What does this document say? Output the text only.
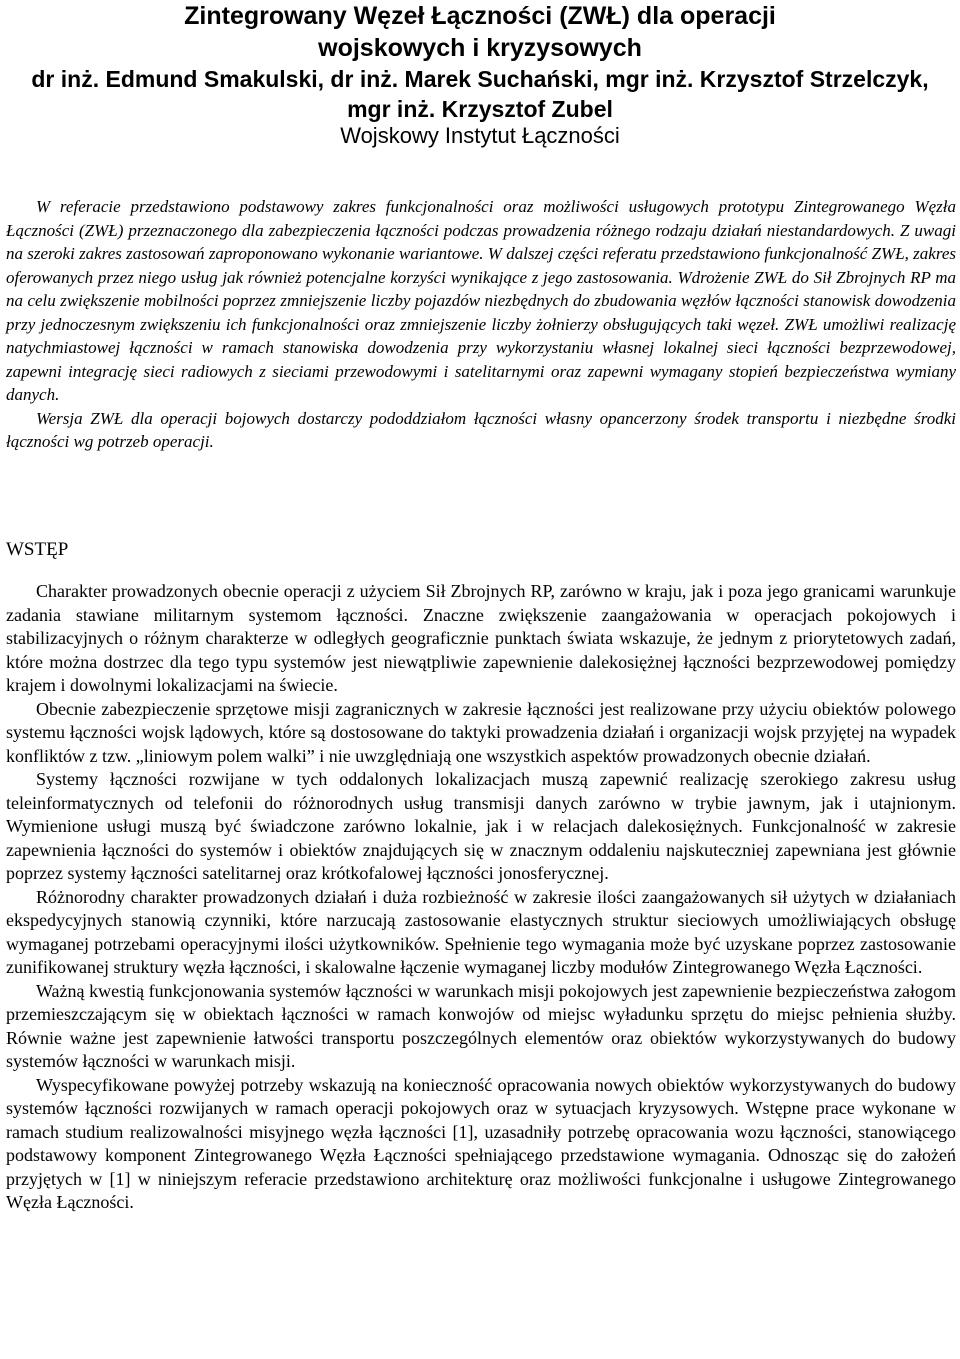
Zintegrowany Węzeł Łączności (ZWŁ) dla operacji
wojskowych i kryzysowych
dr inż. Edmund Smakulski, dr inż. Marek Suchański, mgr inż. Krzysztof Strzelczyk,
mgr inż. Krzysztof Zubel
Wojskowy Instytut Łączności

W referacie przedstawiono podstawowy zakres funkcjonalności oraz możliwości usługowych prototypu Zintegrowanego Węzła Łączności (ZWŁ) przeznaczonego dla zabezpieczenia łączności podczas prowadzenia różnego rodzaju działań niestandardowych. Z uwagi na szeroki zakres zastosowań zaproponowano wykonanie wariantowe. W dalszej części referatu przedstawiono funkcjonalność ZWŁ, zakres oferowanych przez niego usług jak również potencjalne korzyści wynikające z jego zastosowania. Wdrożenie ZWŁ do Sił Zbrojnych RP ma na celu zwiększenie mobilności poprzez zmniejszenie liczby pojazdów niezbędnych do zbudowania węzłów łączności stanowisk dowodzenia przy jednoczesnym zwiększeniu ich funkcjonalności oraz zmniejszenie liczby żołnierzy obsługujących taki węzeł. ZWŁ umożliwi realizację natychmiastowej łączności w ramach stanowiska dowodzenia przy wykorzystaniu własnej lokalnej sieci łączności bezprzewodowej, zapewni integrację sieci radiowych z sieciami przewodowymi i satelitarnymi oraz zapewni wymagany stopień bezpieczeństwa wymiany danych.

Wersja ZWŁ dla operacji bojowych dostarczy pododdziałom łączności własny opancerzony środek transportu i niezbędne środki łączności wg potrzeb operacji.

WSTĘP

Charakter prowadzonych obecnie operacji z użyciem Sił Zbrojnych RP, zarówno w kraju, jak i poza jego granicami warunkuje zadania stawiane militarnym systemom łączności. Znaczne zwiększenie zaangażowania w operacjach pokojowych i stabilizacyjnych o różnym charakterze w odległych geograficznie punktach świata wskazuje, że jednym z priorytetowych zadań, które można dostrzec dla tego typu systemów jest niewątpliwie zapewnienie dalekosiężnej łączności bezprzewodowej pomiędzy krajem i dowolnymi lokalizacjami na świecie.

Obecnie zabezpieczenie sprzętowe misji zagranicznych w zakresie łączności jest realizowane przy użyciu obiektów polowego systemu łączności wojsk lądowych, które są dostosowane do taktyki prowadzenia działań i organizacji wojsk przyjętej na wypadek konfliktów z tzw. „liniowym polem walki” i nie uwzględniają one wszystkich aspektów prowadzonych obecnie działań.

Systemy łączności rozwijane w tych oddalonych lokalizacjach muszą zapewnić realizację szerokiego zakresu usług teleinformatycznych od telefonii do różnorodnych usług transmisji danych zarówno w trybie jawnym, jak i utajnionym. Wymienione usługi muszą być świadczone zarówno lokalnie, jak i w relacjach dalekosiężnych. Funkcjonalność w zakresie zapewnienia łączności do systemów i obiektów znajdujących się w znacznym oddaleniu najskuteczniej zapewniana jest głównie poprzez systemy łączności satelitarnej oraz krótkofalowej łączności jonosferycznej.

Różnorodny charakter prowadzonych działań i duża rozbieżność w zakresie ilości zaangażowanych sił użytych w działaniach ekspedycyjnych stanowią czynniki, które narzucają zastosowanie elastycznych struktur sieciowych umożliwiających obsługę wymaganej potrzebami operacyjnymi ilości użytkowników. Spełnienie tego wymagania może być uzyskane poprzez zastosowanie zunifikowanej struktury węzła łączności, i skalowalne łączenie wymaganej liczby modułów Zintegrowanego Węzła Łączności.

Ważną kwestią funkcjonowania systemów łączności w warunkach misji pokojowych jest zapewnienie bezpieczeństwa załogom przemieszczającym się w obiektach łączności w ramach konwojów od miejsc wyładunku sprzętu do miejsc pełnienia służby. Równie ważne jest zapewnienie łatwości transportu poszczególnych elementów oraz obiektów wykorzystywanych do budowy systemów łączności w warunkach misji.

Wyspecyfikowane powyżej potrzeby wskazują na konieczność opracowania nowych obiektów wykorzystywanych do budowy systemów łączności rozwijanych w ramach operacji pokojowych oraz w sytuacjach kryzysowych. Wstępne prace wykonane w ramach studium realizowalności misyjnego węzła łączności [1], uzasadniły potrzebę opracowania wozu łączności, stanowiącego podstawowy komponent Zintegrowanego Węzła Łączności spełniającego przedstawione wymagania. Odnosząc się do założeń przyjętych w [1] w niniejszym referacie przedstawiono architekturę oraz możliwości funkcjonalne i usługowe Zintegrowanego Węzła Łączności.
